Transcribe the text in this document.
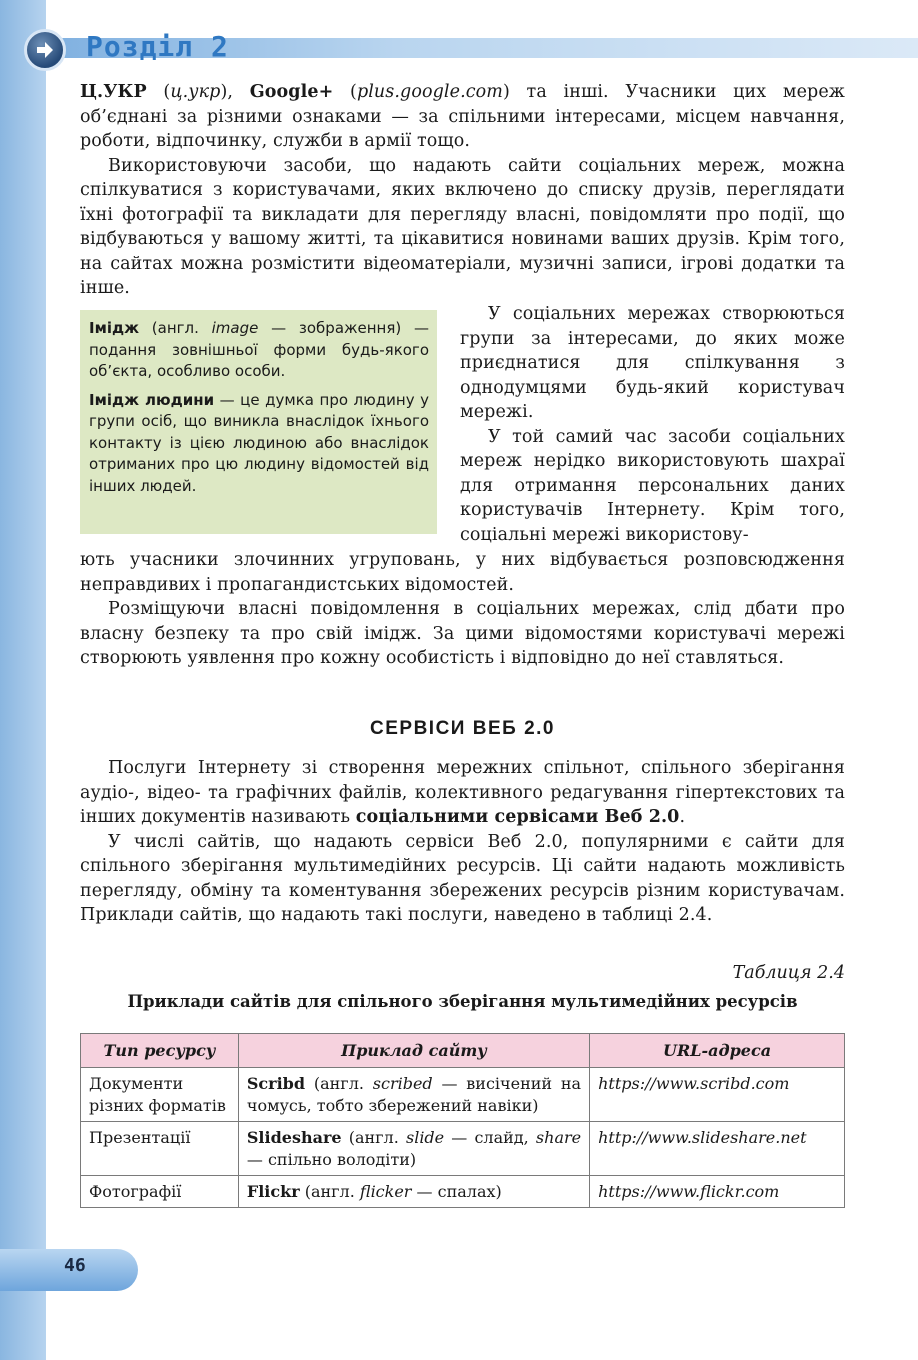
Розділ 2

Ц.УКР (ц.укр), Google+ (plus.google.com) та інші. Учасники цих мереж об’єднані за різними ознаками — за спільними інтересами, місцем навчання, роботи, відпочинку, служби в армії тощо.

Використовуючи засоби, що надають сайти соціальних мереж, можна спілкуватися з користувачами, яких включено до списку друзів, переглядати їхні фотографії та викладати для перегляду власні, повідомляти про події, що відбуваються у вашому житті, та цікавитися новинами ваших друзів. Крім того, на сайтах можна розмістити відеоматеріали, музичні записи, ігрові додатки та інше.

Імідж (англ. image — зображення) — подання зовнішньої форми будь-якого об’єкта, особливо особи.

Імідж людини — це думка про людину у групи осіб, що виникла внаслідок їхнього контакту із цією людиною або внаслідок отриманих про цю людину відомостей від інших людей.

У соціальних мережах створюються групи за інтересами, до яких може приєднатися для спілкування з однодумцями будь-який користувач мережі.

У той самий час засоби соціальних мереж нерідко використовують шахраї для отримання персональних даних користувачів Інтернету. Крім того, соціальні мережі використову-

ють учасники злочинних угруповань, у них відбувається розповсюдження неправдивих і пропагандистських відомостей.

Розміщуючи власні повідомлення в соціальних мережах, слід дбати про власну безпеку та про свій імідж. За цими відомостями користувачі мережі створюють уявлення про кожну особистість і відповідно до неї ставляться.

СЕРВІСИ ВЕБ 2.0

Послуги Інтернету зі створення мережних спільнот, спільного зберігання аудіо-, відео- та графічних файлів, колективного редагування гіпертекстових та інших документів називають соціальними сервісами Веб 2.0.

У числі сайтів, що надають сервіси Веб 2.0, популярними є сайти для спільного зберігання мультимедійних ресурсів. Ці сайти надають можливість перегляду, обміну та коментування збережених ресурсів різним користувачам. Приклади сайтів, що надають такі послуги, наведено в таблиці 2.4.

Таблиця 2.4
Приклади сайтів для спільного зберігання мультимедійних ресурсів
Тип ресурсу	Приклад сайту	URL-адреса
Документи різних форматів	Scribd (англ. scribed — висічений на чомусь, тобто збережений навіки)	https://www.scribd.com
Презентації	Slideshare (англ. slide — слайд, share — спільно володіти)	http://www.slideshare.net
Фотографії	Flickr (англ. flicker — спалах)	https://www.flickr.com
46
